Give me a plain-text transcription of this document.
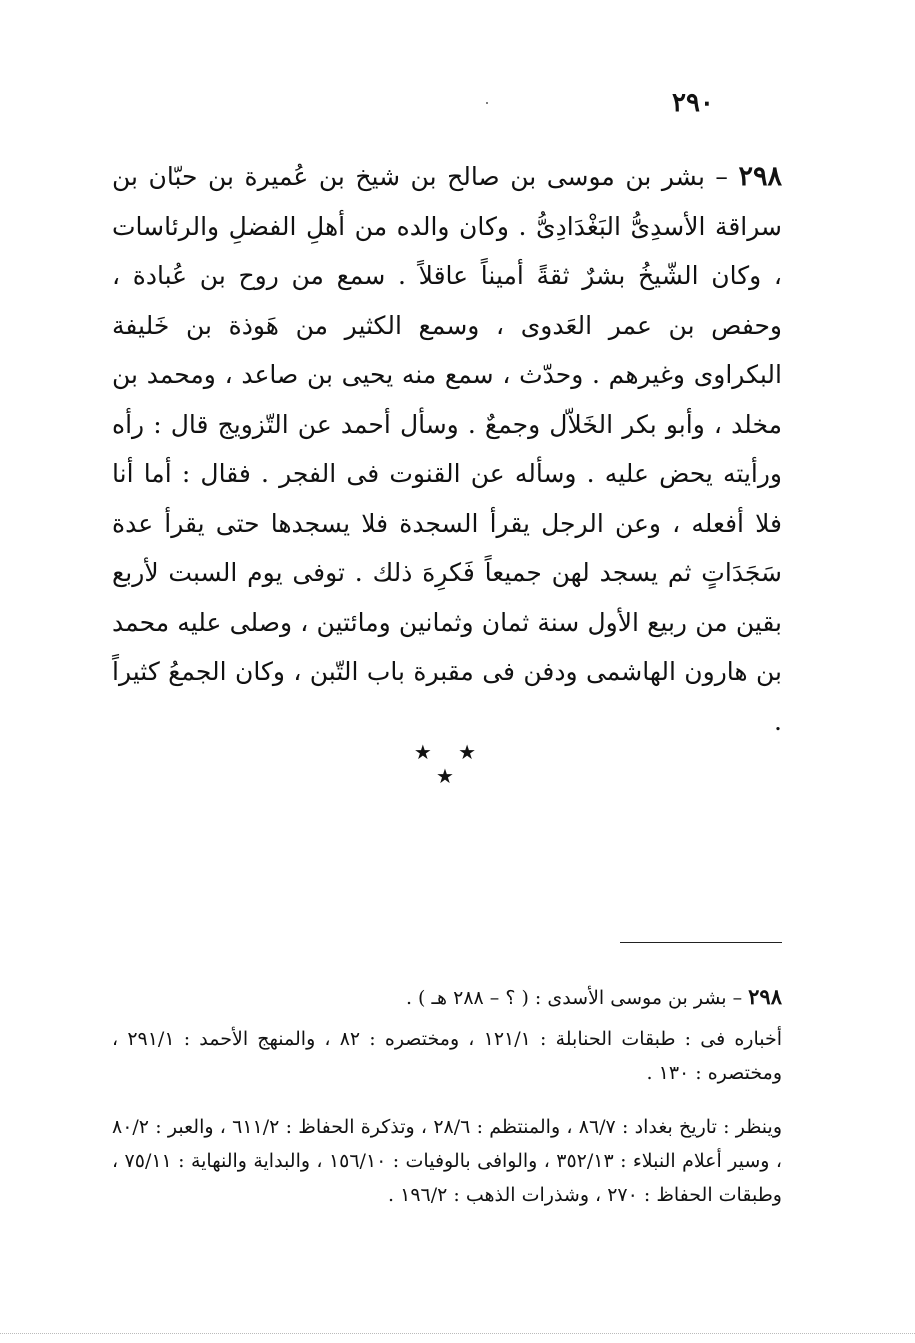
٢٩٠

٢٩٨ – بشر بن موسى بن صالح بن شيخ بن عُميرة بن حبّان بن سراقة الأسدِىُّ البَغْدَادِىُّ . وكان والده من أهلِ الفضلِ والرئاسات ، وكان الشّيخُ بشرٌ ثقةً أميناً عاقلاً . سمع من روح بن عُبادة ، وحفص بن عمر العَدوى ، وسمع الكثير من هَوذة بن خَليفة البكراوى وغيرهم . وحدّث ، سمع منه يحيى بن صاعد ، ومحمد بن مخلد ، وأبو بكر الخَلاّل وجمعٌ . وسأل أحمد عن التّزويج قال : رأه ورأيته يحض عليه . وسأله عن القنوت فى الفجر . فقال : أما أنا فلا أفعله ، وعن الرجل يقرأ السجدة فلا يسجدها حتى يقرأ عدة سَجَدَاتٍ ثم يسجد لهن جميعاً فَكرِهَ ذلك . توفى يوم السبت لأربع بقين من ربيع الأول سنة ثمان وثمانين ومائتين ، وصلى عليه محمد بن هارون الهاشمى ودفن فى مقبرة باب التّبن ، وكان الجمعُ كثيراً .

★ ★ ★

٢٩٨ – بشر بن موسى الأسدى : ( ؟ – ٢٨٨ هـ ) .

أخباره فى : طبقات الحنابلة : ١٢١/١ ، ومختصره : ٨٢ ، والمنهج الأحمد : ٢٩١/١ ، ومختصره : ١٣٠ .

وينظر : تاريخ بغداد : ٨٦/٧ ، والمنتظم : ٢٨/٦ ، وتذكرة الحفاظ : ٦١١/٢ ، والعبر : ٨٠/٢ ، وسير أعلام النبلاء : ٣٥٢/١٣ ، والوافى بالوفيات : ١٥٦/١٠ ، والبداية والنهاية : ٧٥/١١ ، وطبقات الحفاظ : ٢٧٠ ، وشذرات الذهب : ١٩٦/٢ .
